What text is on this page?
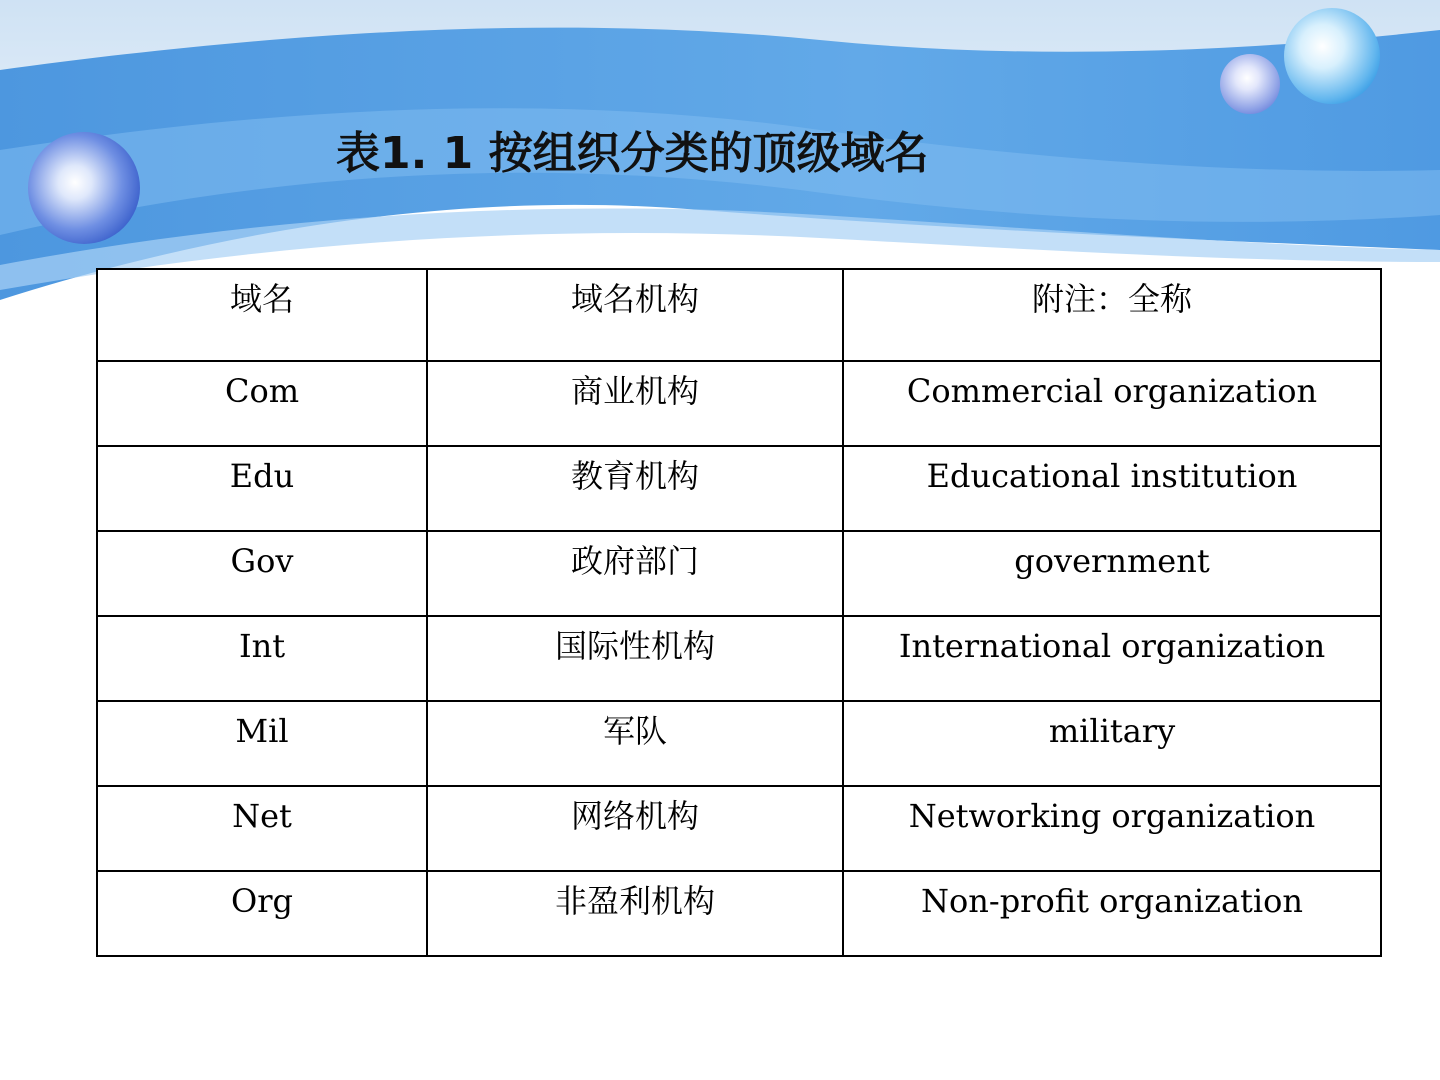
表1. 1 按组织分类的顶级域名
域名	域名机构	附注：全称
Com	商业机构	Commercial organization
Edu	教育机构	Educational institution
Gov	政府部门	government
Int	国际性机构	International organization
Mil	军队	military
Net	网络机构	Networking organization
Org	非盈利机构	Non-profit organization
